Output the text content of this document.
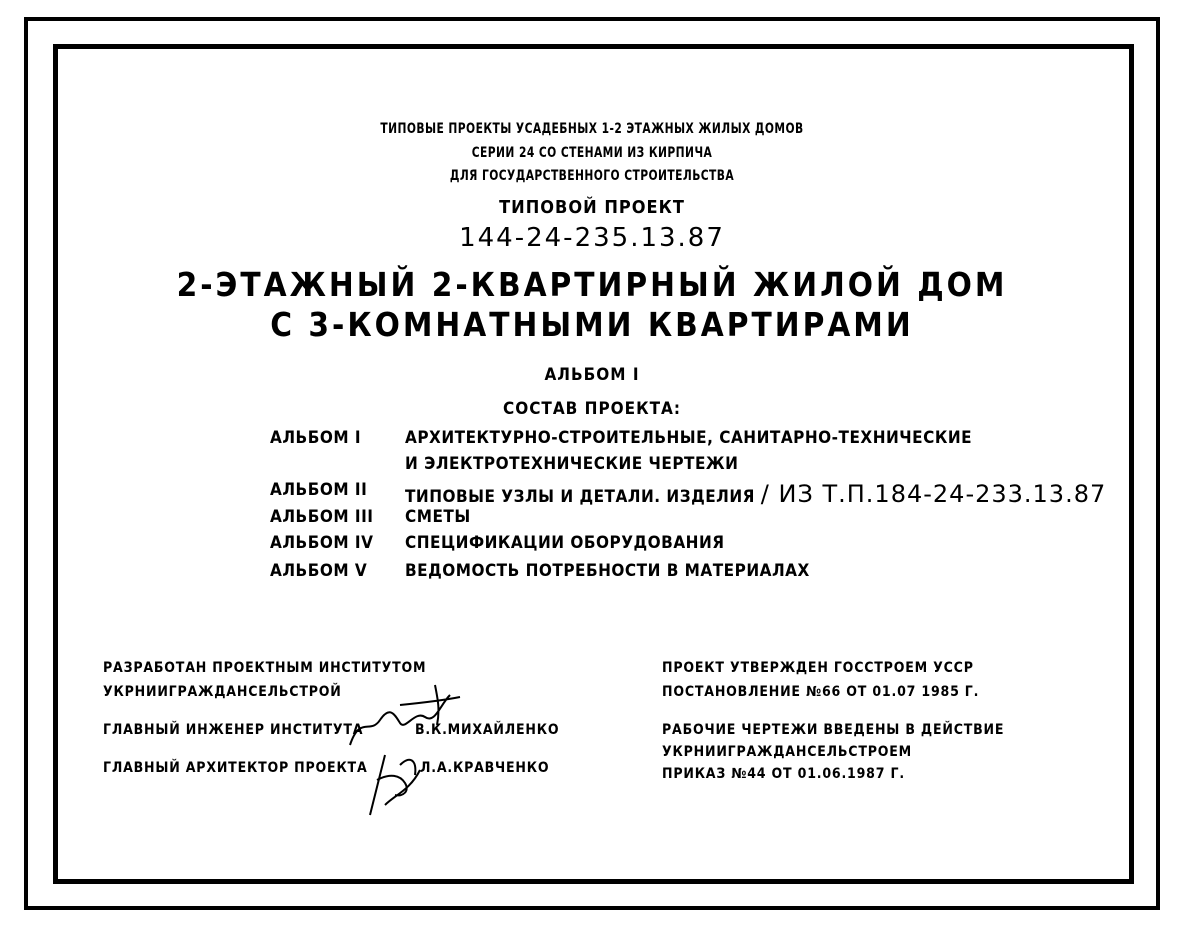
ТИПОВЫЕ ПРОЕКТЫ УСАДЕБНЫХ 1-2 ЭТАЖНЫХ ЖИЛЫХ ДОМОВ
СЕРИИ 24 СО СТЕНАМИ ИЗ КИРПИЧА
ДЛЯ ГОСУДАРСТВЕННОГО СТРОИТЕЛЬСТВА
ТИПОВОЙ ПРОЕКТ
144-24-235.13.87
2-ЭТАЖНЫЙ 2-КВАРТИРНЫЙ ЖИЛОЙ ДОМ
С 3-КОМНАТНЫМИ КВАРТИРАМИ
АЛЬБОМ I
СОСТАВ ПРОЕКТА:
АЛЬБОМ I	АРХИТЕКТУРНО-СТРОИТЕЛЬНЫЕ, САНИТАРНО-ТЕХНИЧЕСКИЕ
И ЭЛЕКТРОТЕХНИЧЕСКИЕ ЧЕРТЕЖИ
АЛЬБОМ II ТИПОВЫЕ УЗЛЫ И ДЕТАЛИ. ИЗДЕЛИЯ / ИЗ Т.П.184-24-233.13.87
АЛЬБОМ III СМЕТЫ
АЛЬБОМ IV СПЕЦИФИКАЦИИ ОБОРУДОВАНИЯ
АЛЬБОМ V ВЕДОМОСТЬ ПОТРЕБНОСТИ В МАТЕРИАЛАХ
РАЗРАБОТАН ПРОЕКТНЫМ ИНСТИТУТОМ
УКРНИИГРАЖДАНСЕЛЬСТРОЙ
ГЛАВНЫЙ ИНЖЕНЕР ИНСТИТУТА	В.К.МИХАЙЛЕНКО
ГЛАВНЫЙ АРХИТЕКТОР ПРОЕКТА	Л.А.КРАВЧЕНКО
ПРОЕКТ УТВЕРЖДЕН ГОССТРОЕМ УССР
ПОСТАНОВЛЕНИЕ №66 ОТ 01.07 1985 Г.
РАБОЧИЕ ЧЕРТЕЖИ ВВЕДЕНЫ В ДЕЙСТВИЕ
УКРНИИГРАЖДАНСЕЛЬСТРОЕМ
ПРИКАЗ №44 ОТ 01.06.1987 Г.
